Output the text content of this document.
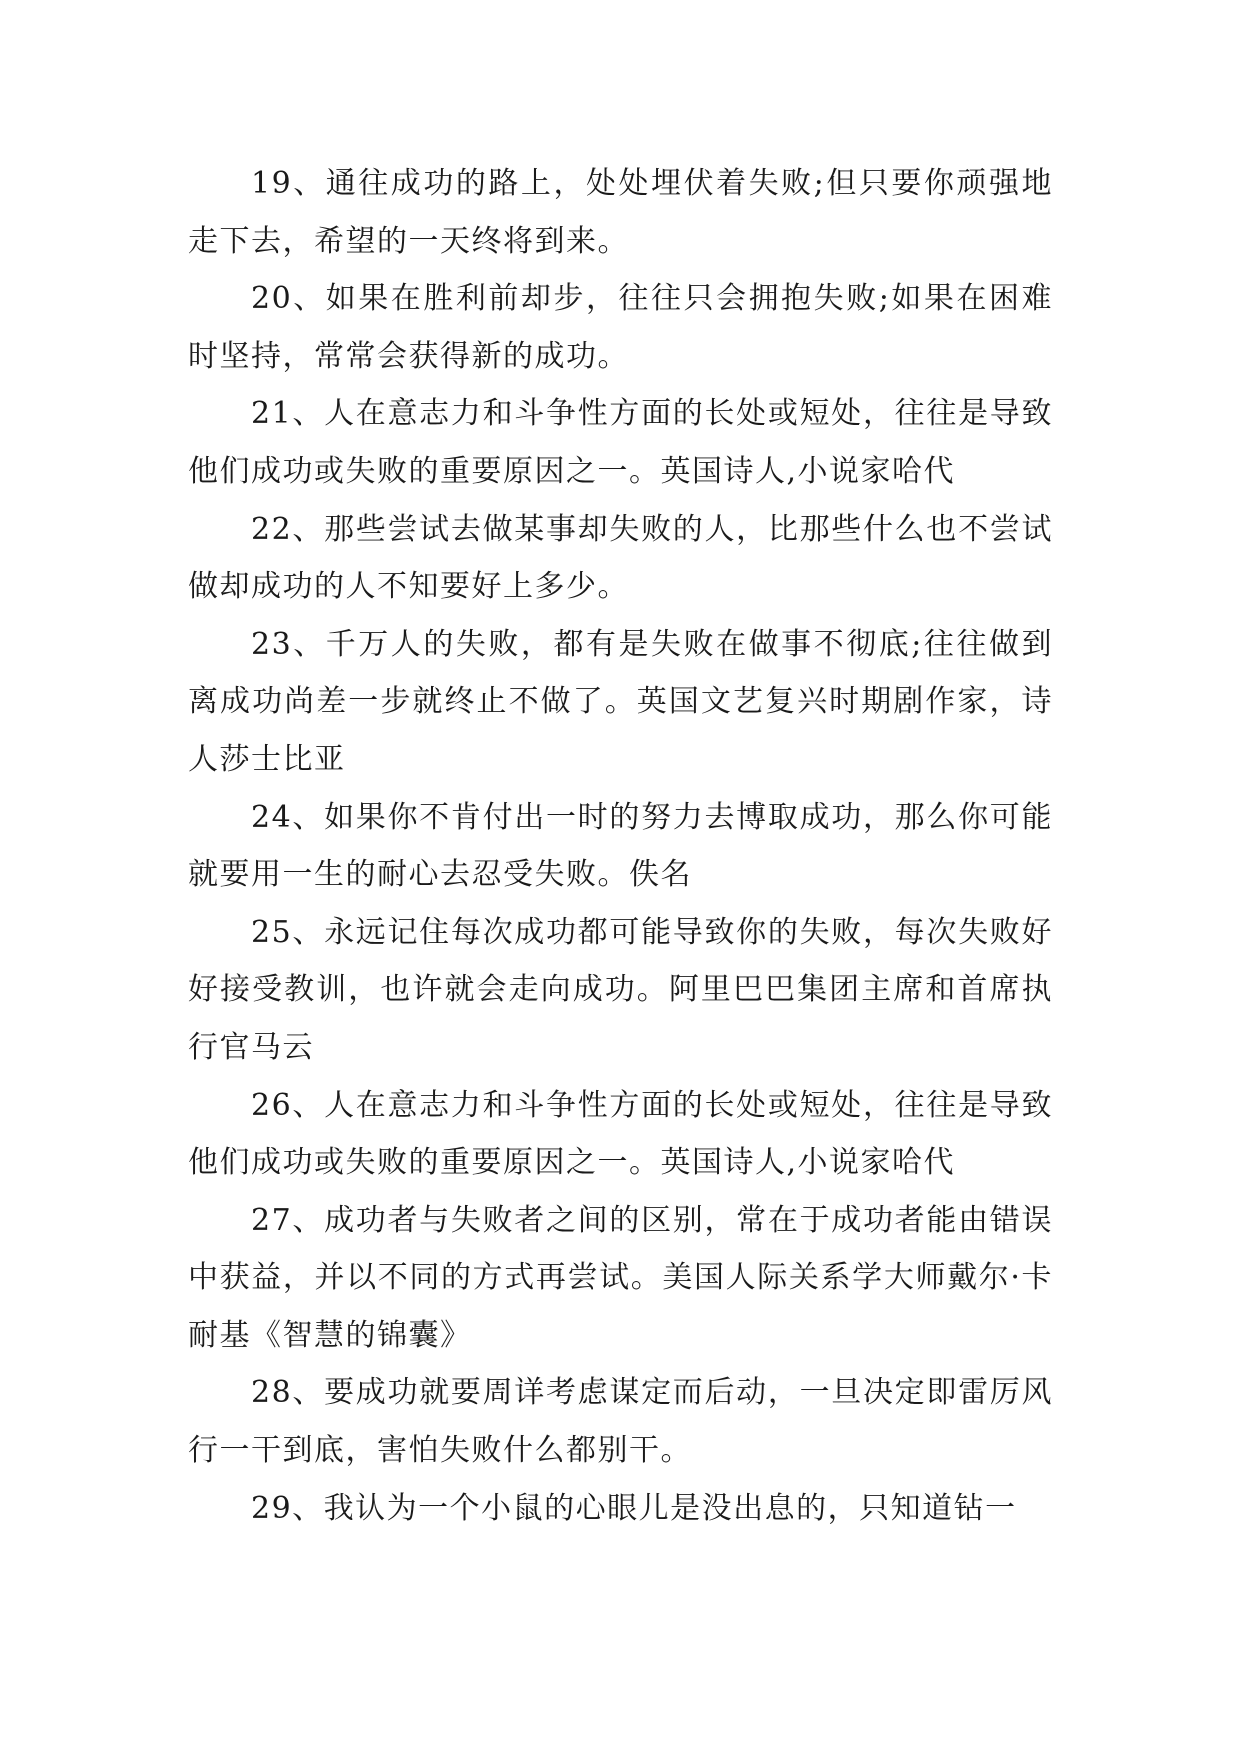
19、通往成功的路上，处处埋伏着失败;但只要你顽强地走下去，希望的一天终将到来。

20、如果在胜利前却步，往往只会拥抱失败;如果在困难时坚持，常常会获得新的成功。

21、人在意志力和斗争性方面的长处或短处，往往是导致他们成功或失败的重要原因之一。英国诗人,小说家哈代

22、那些尝试去做某事却失败的人，比那些什么也不尝试做却成功的人不知要好上多少。

23、千万人的失败，都有是失败在做事不彻底;往往做到离成功尚差一步就终止不做了。英国文艺复兴时期剧作家，诗人莎士比亚

24、如果你不肯付出一时的努力去博取成功，那么你可能就要用一生的耐心去忍受失败。佚名

25、永远记住每次成功都可能导致你的失败，每次失败好好接受教训，也许就会走向成功。阿里巴巴集团主席和首席执行官马云

26、人在意志力和斗争性方面的长处或短处，往往是导致他们成功或失败的重要原因之一。英国诗人,小说家哈代

27、成功者与失败者之间的区别，常在于成功者能由错误中获益，并以不同的方式再尝试。美国人际关系学大师戴尔·卡耐基《智慧的锦囊》

28、要成功就要周详考虑谋定而后动，一旦决定即雷厉风行一干到底，害怕失败什么都别干。

29、我认为一个小鼠的心眼儿是没出息的，只知道钻一
